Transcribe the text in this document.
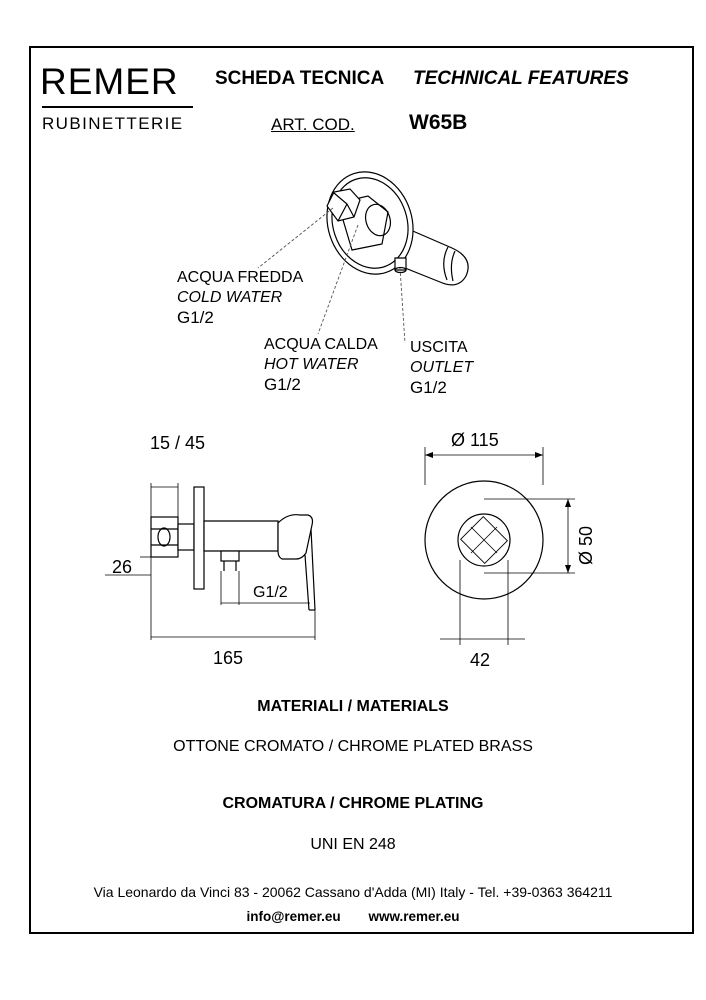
REMER
RUBINETTERIE
SCHEDA TECNICA TECHNICAL FEATURES
ART. COD.	W65B
ACQUA FREDDA
COLD WATER
G1/2
ACQUA CALDA
HOT WATER
G1/2
USCITA
OUTLET
G1/2
15 / 45
26
G1/2
165
Ø 115
Ø 50
42
MATERIALI / MATERIALS
OTTONE CROMATO / CHROME PLATED BRASS
CROMATURA / CHROME PLATING
UNI EN 248
Via Leonardo da Vinci 83 - 20062 Cassano d'Adda (MI) Italy - Tel. +39-0363 364211
info@remer.eu www.remer.eu
